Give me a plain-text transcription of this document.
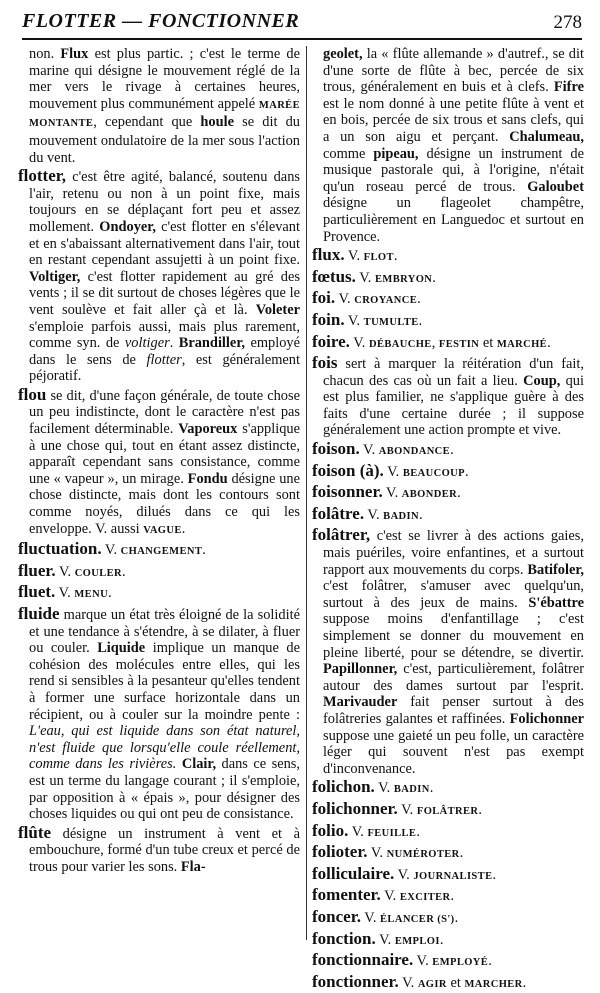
FLOTTER — FONCTIONNER	278

non. Flux est plus partic. ; c'est le terme de marine qui désigne le mouvement réglé de la mer vers le rivage à certaines heures, mouvement plus communément appelé MARÉE MONTANTE, cependant que houle se dit du mouvement ondulatoire de la mer sous l'action du vent.

flotter, c'est être agité, balancé, soutenu dans l'air, retenu ou non à un point fixe, mais toujours en se déplaçant fort peu et assez mollement. Ondoyer, c'est flotter en s'élevant et en s'abaissant alternativement dans l'air, tout en restant cependant assujetti à un point fixe. Voltiger, c'est flotter rapidement au gré des vents ; il se dit surtout de choses légères que le vent soulève et fait aller çà et là. Voleter s'emploie parfois aussi, mais plus rarement, comme syn. de voltiger. Brandiller, employé dans le sens de flotter, est généralement péjoratif.

flou se dit, d'une façon générale, de toute chose un peu indistincte, dont le caractère n'est pas facilement déterminable. Vaporeux s'applique à une chose qui, tout en étant assez distincte, apparaît cependant sans consistance, comme une « vapeur », un mirage. Fondu désigne une chose distincte, mais dont les contours sont comme noyés, dilués dans ce qui les enveloppe. V. aussi VAGUE.

fluctuation. V. CHANGEMENT.

fluer. V. COULER.

fluet. V. MENU.

fluide marque un état très éloigné de la solidité et une tendance à s'étendre, à se dilater, à fluer ou couler. Liquide implique un manque de cohésion des molécules entre elles, qui les rend si sensibles à la pesanteur qu'elles tendent à former une surface horizontale dans un récipient, ou à couler sur la moindre pente : L'eau, qui est liquide dans son état naturel, n'est fluide que lorsqu'elle coule réellement, comme dans les rivières. Clair, dans ce sens, est un terme du langage courant ; il s'emploie, par opposition à « épais », pour désigner des choses liquides ou qui ont peu de consistance.

flûte désigne un instrument à vent et à embouchure, formé d'un tube creux et percé de trous pour varier les sons. Fla-

geolet, la « flûte allemande » d'autref., se dit d'une sorte de flûte à bec, percée de six trous, généralement en buis et à clefs. Fifre est le nom donné à une petite flûte à vent et en bois, percée de six trous et sans clefs, qui a un son aigu et perçant. Chalumeau, comme pipeau, désigne un instrument de musique pastorale qui, à l'origine, n'était qu'un roseau percé de trous. Galoubet désigne un flageolet champêtre, particulièrement en Languedoc et surtout en Provence.

flux. V. FLOT.

fœtus. V. EMBRYON.

foi. V. CROYANCE.

foin. V. TUMULTE.

foire. V. DÉBAUCHE, FESTIN et MARCHÉ.

fois sert à marquer la réitération d'un fait, chacun des cas où un fait a lieu. Coup, qui est plus familier, ne s'applique guère à des faits d'une certaine durée ; il suppose généralement une action prompte et vive.

foison. V. ABONDANCE.

foison (à). V. BEAUCOUP.

foisonner. V. ABONDER.

folâtre. V. BADIN.

folâtrer, c'est se livrer à des actions gaies, mais puériles, voire enfantines, et a surtout rapport aux mouvements du corps. Batifoler, c'est folâtrer, s'amuser avec quelqu'un, surtout à des jeux de mains. S'ébattre suppose moins d'enfantillage ; c'est simplement se donner du mouvement en pleine liberté, pour se détendre, se divertir. Papillonner, c'est, particulièrement, folâtrer autour des dames surtout par l'esprit. Marivauder fait penser surtout à des folâtreries galantes et raffinées. Folichonner suppose une gaieté un peu folle, un caractère léger qui souvent n'est pas exempt d'inconvenance.

folichon. V. BADIN.

folichonner. V. FOLÂTRER.

folio. V. FEUILLE.

folioter. V. NUMÉROTER.

folliculaire. V. JOURNALISTE.

fomenter. V. EXCITER.

foncer. V. ÉLANCER (S').

fonction. V. EMPLOI.

fonctionnaire. V. EMPLOYÉ.

fonctionner. V. AGIR et MARCHER.
